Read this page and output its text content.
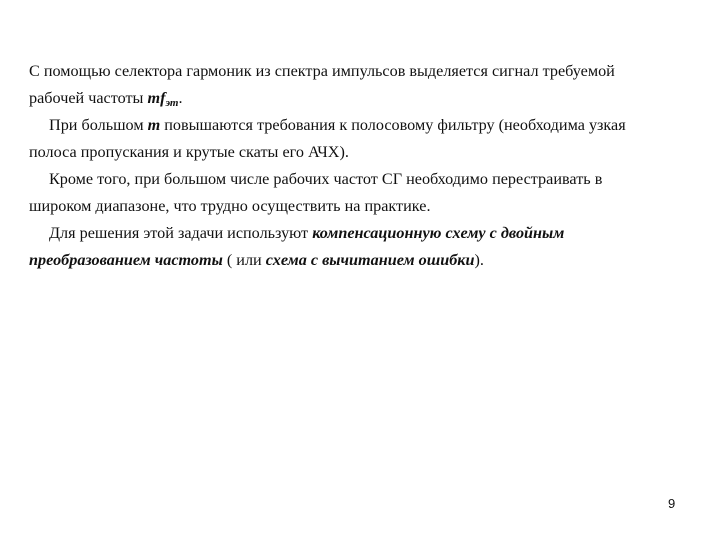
С помощью селектора гармоник из спектра импульсов выделяется сигнал требуемой

рабочей частоты $mf_{эт}$.

При большом m повышаются требования к полосовому фильтру (необходима узкая

полоса пропускания и крутые скаты его АЧХ).

Кроме того, при большом числе рабочих частот СГ необходимо перестраивать в

широком диапазоне, что трудно осуществить на практике.

Для решения этой задачи используют компенсационную схему с двойным

преобразованием частоты ( или схема с вычитанием ошибки).

9
